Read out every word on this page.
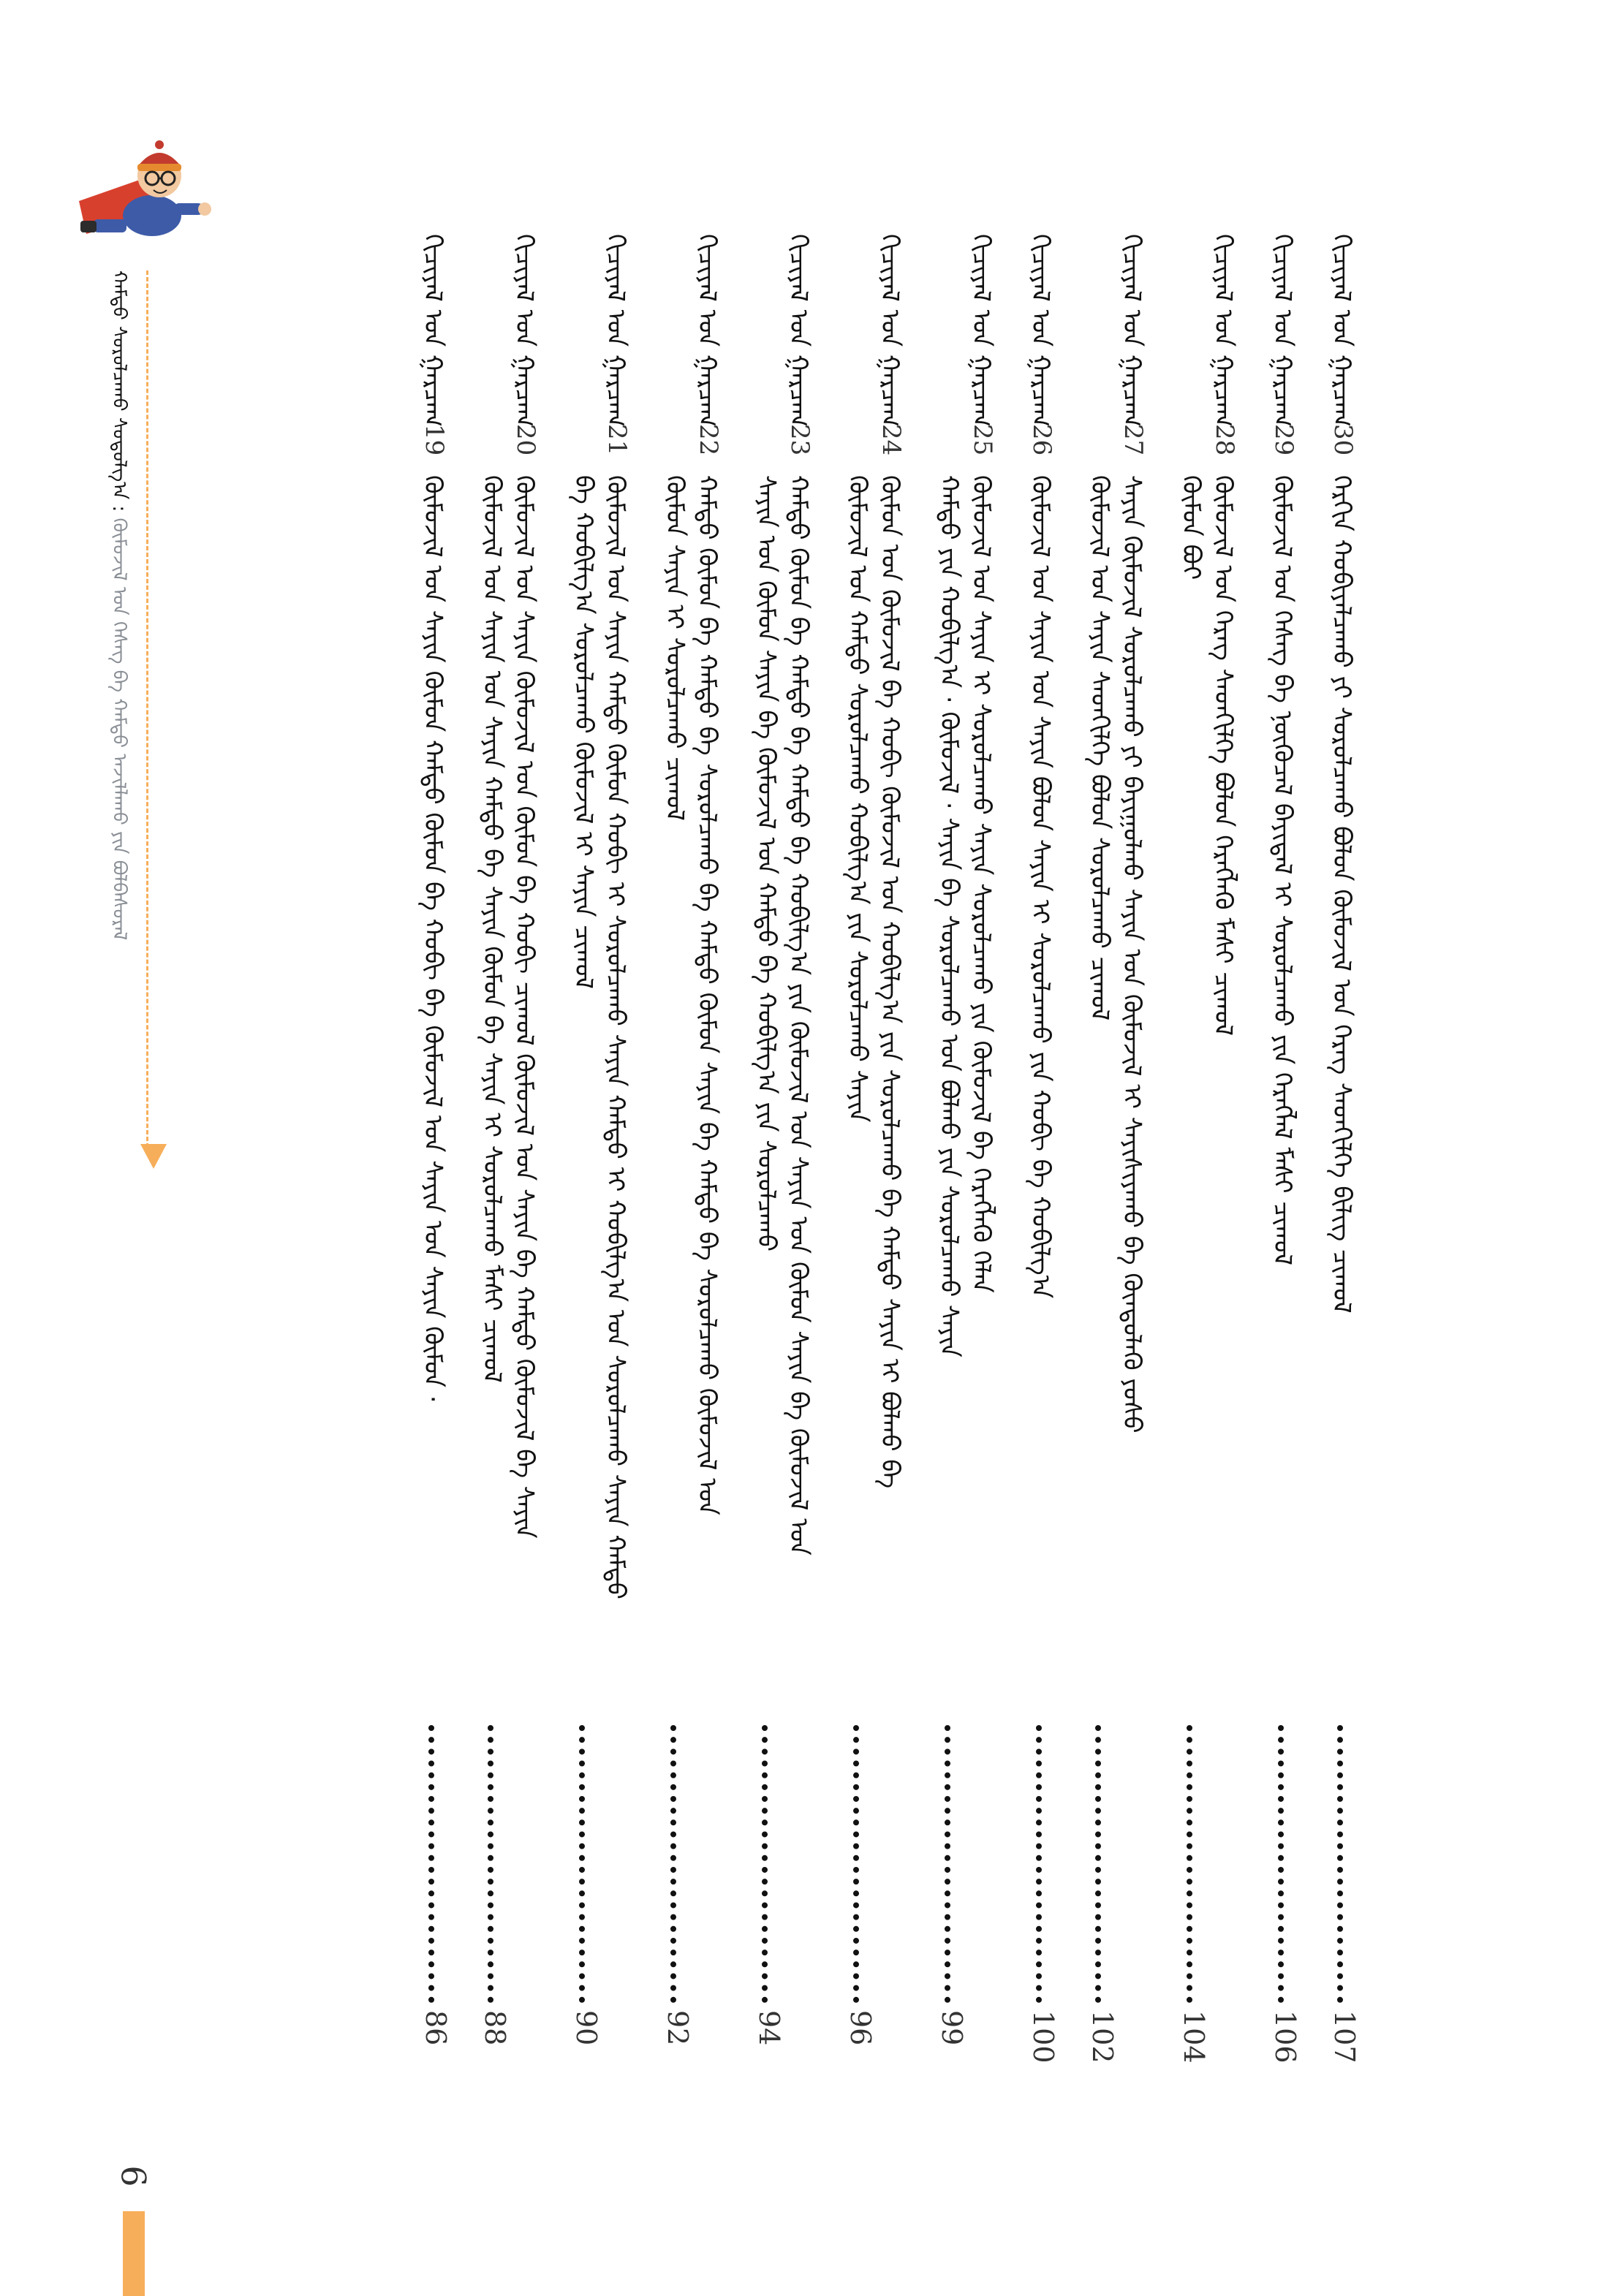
ᠬᠢᠴᠢᠶᠡᠯ ᠤᠨ ᠭᠠᠷᠴᠠᠭ
30
ᠬᠡᠷᠬᠢᠨ ᠬᠤᠪᠢᠶᠠᠯᠴᠠᠬᠤ ᠶᠢ ᠰᠤᠷᠤᠯᠴᠠᠬᠤ ᠪᠤᠯᠤᠨ ᠬᠦᠮᠦᠵᠢᠯ ᠤᠨ ᠬᠡᠷᠡᠭ ᠰᠡᠳᠬᠢᠯᠭᠡ ᠪᠢᠯᠢᠭ ᠴᠢᠬᠤᠯ
107
ᠬᠢᠴᠢᠶᠡᠯ ᠤᠨ ᠭᠠᠷᠴᠠᠭ
29
ᠬᠦᠮᠦᠵᠢᠯ ᠤᠨ ᠬᠡᠰᠡᠭ ᠪᠠ ᠨᠦᠬᠦᠴᠡᠯ ᠪᠠᠶᠢᠳᠠᠯ ᠢ ᠰᠤᠷᠤᠯᠴᠠᠬᠤ ᠶᠢᠨ ᠬᠡᠷᠡᠭᠯᠡᠯ ᠮᠠᠰᠢ ᠴᠢᠬᠤᠯ
106
ᠬᠢᠴᠢᠶᠡᠯ ᠤᠨ ᠭᠠᠷᠴᠠᠭ
28
ᠬᠦᠮᠦᠵᠢᠯ ᠤᠨ ᠬᠡᠷᠡᠭ ᠰᠡᠳᠬᠢᠯᠭᠡ ᠪᠤᠯᠤᠨ ᠬᠡᠷᠡᠭᠯᠡᠬᠦ ᠮᠠᠰᠢ ᠴᠢᠬᠤᠯ
ᠬᠦᠮᠦᠨ ᠪᠤᠢ
104
ᠬᠢᠴᠢᠶᠡᠯ ᠤᠨ ᠭᠠᠷᠴᠠᠭ
27
ᠰᠠᠶᠢᠨ ᠬᠦᠮᠦᠵᠢᠯ ᠰᠤᠷᠤᠯᠴᠠᠬᠤ ᠶᠢ ᠪᠠᠶᠢᠭᠤᠯᠬᠤ ᠰᠠᠶᠢᠨ ᠤᠨ ᠬᠦᠮᠦᠵᠢᠯ ᠢ ᠰᠠᠶᠢᠰᠢᠶᠠᠬᠤ ᠪᠠ ᠬᠦᠨᠳᠦᠯᠡᠬᠦ ᠶᠤᠰᠤ
ᠬᠦᠮᠦᠵᠢᠯ ᠤᠨ ᠰᠠᠶᠢᠨ ᠰᠡᠳᠬᠢᠯᠭᠡ ᠪᠤᠯᠤᠨ ᠰᠤᠷᠤᠯᠴᠠᠬᠤ ᠴᠢᠬᠤᠯ
102
ᠬᠢᠴᠢᠶᠡᠯ ᠤᠨ ᠭᠠᠷᠴᠠᠭ
26
ᠬᠦᠮᠦᠵᠢᠯ ᠤᠨ ᠰᠠᠶᠢᠨ ᠤᠨ ᠰᠠᠶᠢᠨ ᠪᠤᠯᠤᠨ ᠰᠠᠶᠢᠨ ᠢ ᠰᠤᠷᠤᠯᠴᠠᠬᠤ ᠶᠢᠨ ᠬᠤᠪᠢ ᠪᠠ ᠬᠤᠪᠢᠯᠭ᠎ᠠ
100
ᠬᠢᠴᠢᠶᠡᠯ ᠤᠨ ᠭᠠᠷᠴᠠᠭ
25
ᠬᠦᠮᠦᠵᠢᠯ ᠤᠨ ᠰᠠᠶᠢᠨ ᠢ ᠰᠤᠷᠤᠯᠴᠠᠬᠤ ᠰᠠᠶᠢᠨ ᠰᠤᠷᠤᠯᠴᠠᠬᠤ ᠶᠢᠨ ᠬᠦᠮᠦᠵᠢᠯ ᠪᠠ ᠬᠡᠷᠡᠭᠯᠡᠬᠦ ᠬᠡᠯᠡᠨ
ᠬᠠᠮᠲᠤ ᠶᠢᠨ ᠬᠤᠪᠢᠯᠭ᠎ᠠ · ᠬᠦᠮᠦᠵᠢᠯ · ᠰᠠᠶᠢᠨ ᠪᠠ ᠰᠤᠷᠤᠯᠴᠠᠬᠤ ᠤᠨ ᠪᠤᠯᠬᠤ ᠶᠢᠨ ᠰᠤᠷᠤᠯᠴᠠᠬᠤ ᠰᠠᠶᠢᠨ
99
ᠬᠢᠴᠢᠶᠡᠯ ᠤᠨ ᠭᠠᠷᠴᠠᠭ
24
ᠬᠦᠮᠦᠨ ᠤᠨ ᠬᠦᠮᠦᠵᠢᠯ ᠪᠠ ᠬᠤᠪᠢ ᠬᠦᠮᠦᠵᠢᠯ ᠤᠨ ᠬᠤᠪᠢᠯᠭ᠎ᠠ ᠶᠢᠨ ᠰᠤᠷᠤᠯᠴᠠᠬᠤ ᠪᠠ ᠬᠠᠮᠲᠤ ᠰᠠᠶᠢᠨ ᠢ ᠪᠤᠯᠬᠤ ᠪᠠ
ᠬᠦᠮᠦᠵᠢᠯ ᠤᠨ ᠬᠠᠮᠲᠤ ᠰᠤᠷᠤᠯᠴᠠᠬᠤ ᠬᠤᠪᠢᠯᠭ᠎ᠠ ᠶᠢᠨ ᠰᠤᠷᠤᠯᠴᠠᠬᠤ ᠰᠠᠶᠢᠨ
96
ᠬᠢᠴᠢᠶᠡᠯ ᠤᠨ ᠭᠠᠷᠴᠠᠭ
23
ᠬᠠᠮᠲᠤ ᠬᠦᠮᠦᠨ ᠪᠠ ᠬᠠᠮᠲᠤ ᠪᠠ ᠬᠠᠮᠲᠤ ᠪᠠ ᠬᠤᠪᠢᠯᠭ᠎ᠠ ᠶᠢᠨ ᠬᠦᠮᠦᠵᠢᠯ ᠤᠨ ᠰᠠᠶᠢᠨ ᠤᠨ ᠬᠦᠮᠦᠨ ᠰᠠᠶᠢᠨ ᠪᠠ ᠬᠦᠮᠦᠵᠢᠯ ᠤᠨ
ᠰᠠᠶᠢᠨ ᠤᠨ ᠬᠦᠮᠦᠨ ᠰᠠᠶᠢᠨ ᠪᠠ ᠬᠦᠮᠦᠵᠢᠯ ᠤᠨ ᠬᠠᠮᠲᠤ ᠪᠠ ᠬᠤᠪᠢᠯᠭ᠎ᠠ ᠶᠢᠨ ᠰᠤᠷᠤᠯᠴᠠᠬᠤ
94
ᠬᠢᠴᠢᠶᠡᠯ ᠤᠨ ᠭᠠᠷᠴᠠᠭ
22
ᠬᠠᠮᠲᠤ ᠬᠦᠮᠦᠨ ᠪᠠ ᠬᠠᠮᠲᠤ ᠪᠠ ᠰᠤᠷᠤᠯᠴᠠᠬᠤ ᠪᠠ ᠬᠠᠮᠲᠤ ᠬᠦᠮᠦᠨ ᠰᠠᠶᠢᠨ ᠪᠠ ᠬᠠᠮᠲᠤ ᠪᠠ ᠰᠤᠷᠤᠯᠴᠠᠬᠤ ᠬᠦᠮᠦᠵᠢᠯ ᠤᠨ
ᠬᠦᠮᠦᠨ ᠰᠠᠶᠢᠨ ᠢ ᠰᠤᠷᠤᠯᠴᠠᠬᠤ ᠴᠢᠬᠤᠯ
92
ᠬᠢᠴᠢᠶᠡᠯ ᠤᠨ ᠭᠠᠷᠴᠠᠭ
21
ᠬᠦᠮᠦᠵᠢᠯ ᠤᠨ ᠰᠠᠶᠢᠨ ᠬᠠᠮᠲᠤ ᠬᠦᠮᠦᠨ ᠬᠤᠪᠢ ᠢ ᠰᠤᠷᠤᠯᠴᠠᠬᠤ ᠰᠠᠶᠢᠨ ᠬᠠᠮᠲᠤ ᠢ ᠬᠤᠪᠢᠯᠭ᠎ᠠ ᠤᠨ ᠰᠤᠷᠤᠯᠴᠠᠬᠤ ᠰᠠᠶᠢᠨ ᠬᠠᠮᠲᠤ
ᠪᠠ ᠬᠤᠪᠢᠯᠭ᠎ᠠ ᠰᠤᠷᠤᠯᠴᠠᠬᠤ ᠬᠦᠮᠦᠵᠢᠯ ᠢ ᠰᠠᠶᠢᠨ ᠴᠢᠬᠤᠯ
90
ᠬᠢᠴᠢᠶᠡᠯ ᠤᠨ ᠭᠠᠷᠴᠠᠭ
20
ᠬᠦᠮᠦᠵᠢᠯ ᠤᠨ ᠰᠠᠶᠢᠨ ᠬᠦᠮᠦᠵᠢᠯ ᠤᠨ ᠬᠦᠮᠦᠨ ᠪᠠ ᠬᠤᠪᠢ ᠴᠢᠬᠤᠯ ᠬᠦᠮᠦᠵᠢᠯ ᠤᠨ ᠰᠠᠶᠢᠨ ᠪᠠ ᠬᠠᠮᠲᠤ ᠬᠦᠮᠦᠵᠢᠯ ᠪᠠ ᠰᠠᠶᠢᠨ
ᠬᠦᠮᠦᠵᠢᠯ ᠤᠨ ᠰᠠᠶᠢᠨ ᠤᠨ ᠰᠠᠶᠢᠨ ᠬᠠᠮᠲᠤ ᠪᠠ ᠰᠠᠶᠢᠨ ᠬᠦᠮᠦᠨ ᠪᠠ ᠰᠠᠶᠢᠨ ᠢ ᠰᠤᠷᠤᠯᠴᠠᠬᠤ ᠮᠠᠰᠢ ᠴᠢᠬᠤᠯ
88
ᠬᠢᠴᠢᠶᠡᠯ ᠤᠨ ᠭᠠᠷᠴᠠᠭ
19
ᠬᠦᠮᠦᠵᠢᠯ ᠤᠨ ᠰᠠᠶᠢᠨ ᠬᠦᠮᠦᠨ ᠬᠠᠮᠲᠤ ᠬᠦᠮᠦᠨ ᠪᠠ ᠬᠤᠪᠢ ᠪᠠ ᠬᠦᠮᠦᠵᠢᠯ ᠤᠨ ᠰᠠᠶᠢᠨ ᠤᠨ ᠰᠠᠶᠢᠨ ᠬᠦᠮᠦᠨ ·
86
ᠬᠠᠮᠲᠤ ᠰᠤᠷᠤᠯᠴᠠᠬᠤ ᠰᠤᠳᠤᠯᠭ᠎ᠠ : ᠬᠦᠮᠦᠵᠢᠯ ᠤᠨ ᠬᠡᠰᠡᠭ ᠪᠠ ᠬᠠᠮᠲᠤ ᠠᠵᠢᠯᠯᠠᠬᠤ ᠶᠢᠨ ᠪᠣᠯᠪᠠᠰᠤᠷᠠᠯ
6
